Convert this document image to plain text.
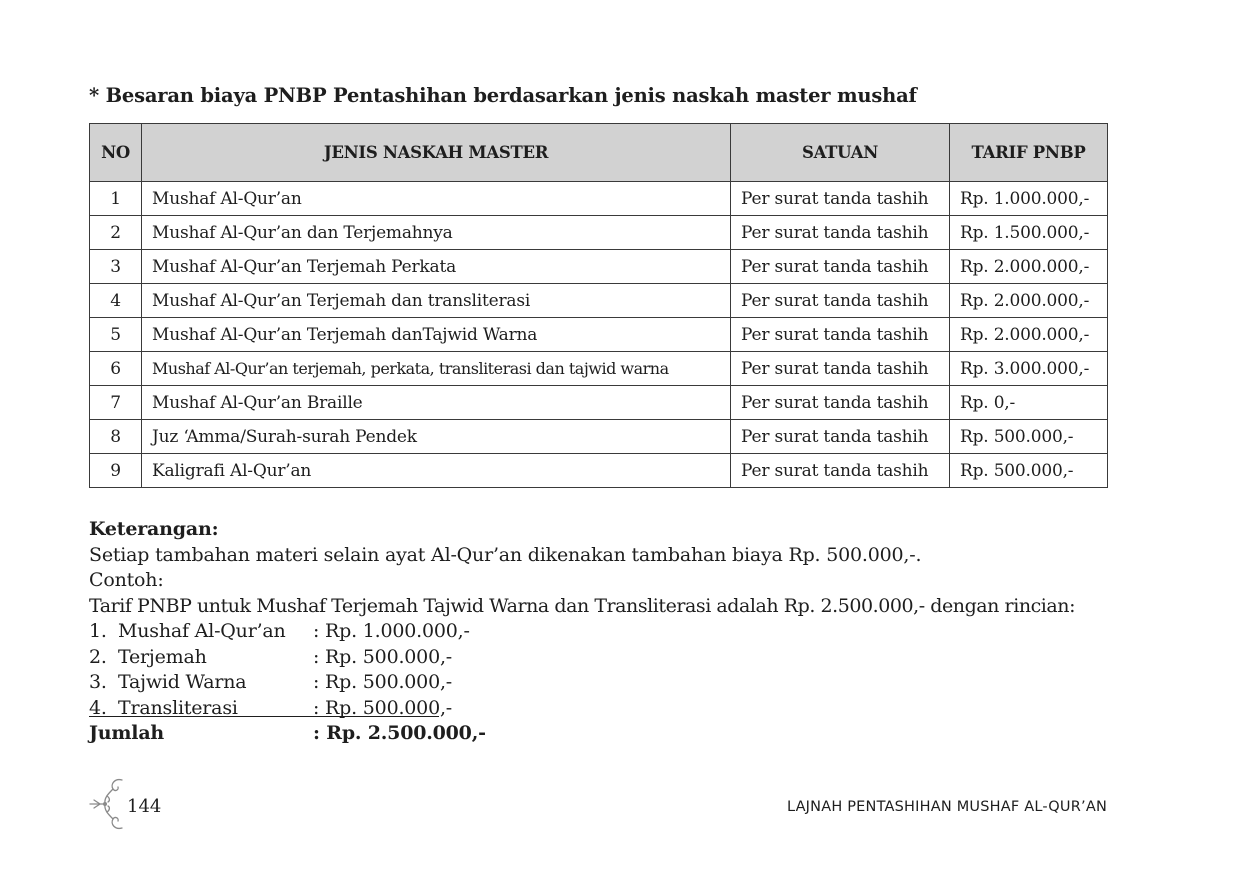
* Besaran biaya PNBP Pentashihan berdasarkan jenis naskah master mushaf
NO	JENIS NASKAH MASTER	SATUAN	TARIF PNBP
1	Mushaf Al-Qur’an	Per surat tanda tashih	Rp. 1.000.000,-
2	Mushaf Al-Qur’an dan Terjemahnya	Per surat tanda tashih	Rp. 1.500.000,-
3	Mushaf Al-Qur’an Terjemah Perkata	Per surat tanda tashih	Rp. 2.000.000,-
4	Mushaf Al-Qur’an Terjemah dan transliterasi	Per surat tanda tashih	Rp. 2.000.000,-
5	Mushaf Al-Qur’an Terjemah danTajwid Warna	Per surat tanda tashih	Rp. 2.000.000,-
6	Mushaf Al-Qur’an terjemah, perkata, transliterasi dan tajwid warna	Per surat tanda tashih	Rp. 3.000.000,-
7	Mushaf Al-Qur’an Braille	Per surat tanda tashih	Rp. 0,-
8	Juz ‘Amma/Surah-surah Pendek	Per surat tanda tashih	Rp. 500.000,-
9	Kaligrafi Al-Qur’an	Per surat tanda tashih	Rp. 500.000,-
Keterangan:
Setiap tambahan materi selain ayat Al-Qur’an dikenakan tambahan biaya Rp. 500.000,-.
Contoh:
Tarif PNBP untuk Mushaf Terjemah Tajwid Warna dan Transliterasi adalah Rp. 2.500.000,- dengan rincian:
1. Mushaf Al-Qur’an : Rp. 1.000.000,-
2. Terjemah	: Rp. 500.000,-
3. Tajwid Warna	: Rp. 500.000,-
4. Transliterasi	: Rp. 500.000,-
Jumlah	: Rp. 2.500.000,-
144	LAJNAH PENTASHIHAN MUSHAF AL-QUR’AN
